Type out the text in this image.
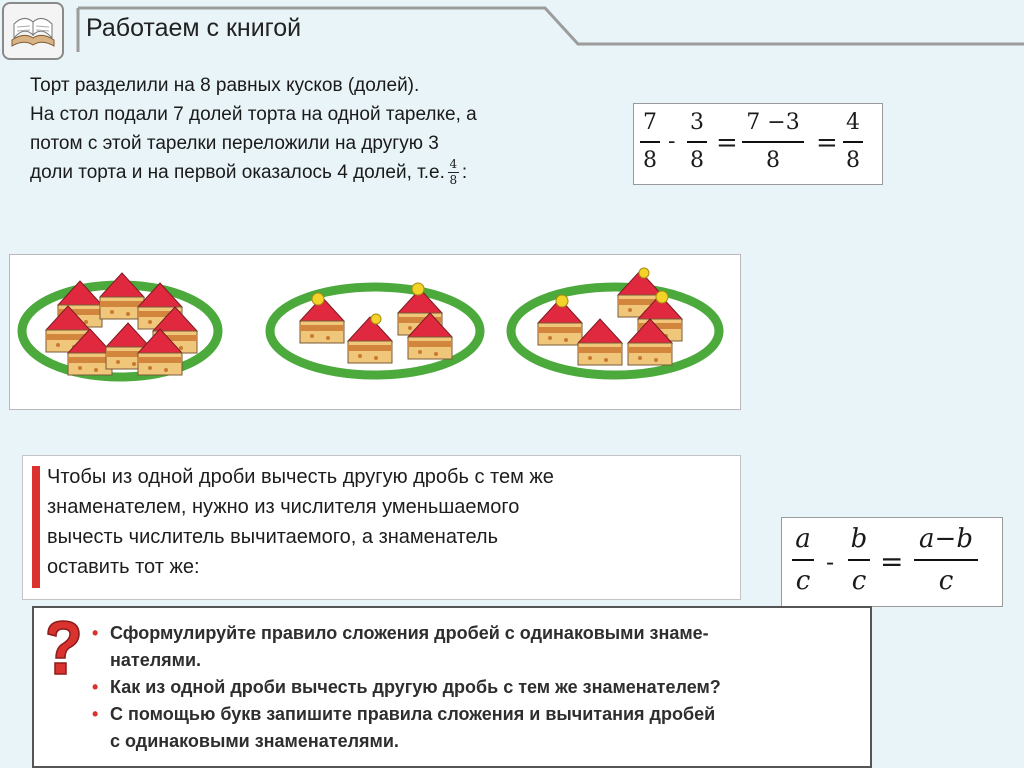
Работаем с книгой
Торт разделили на 8 равных кусков (долей).
На стол подали 7 долей торта на одной тарелке, а
потом с этой тарелки переложили на другую 3
доли торта и на первой оказалось 4 долей, т.е. $\frac{4}{8}$ :
7
8
-
3
8
=
7 −3
8
=
4
8
Чтобы из одной дроби вычесть другую дробь с тем же
знаменателем, нужно из числителя уменьшаемого
вычесть числитель вычитаемого, а знаменатель
оставить тот же:
a
c
-
b
c
=
a−b
c
• Сформулируйте правило сложения дробей с одинаковыми знаме-
нателями.
• Как из одной дроби вычесть другую дробь с тем же знаменателем?
• С помощью букв запишите правила сложения и вычитания дробей
с одинаковыми знаменателями.
